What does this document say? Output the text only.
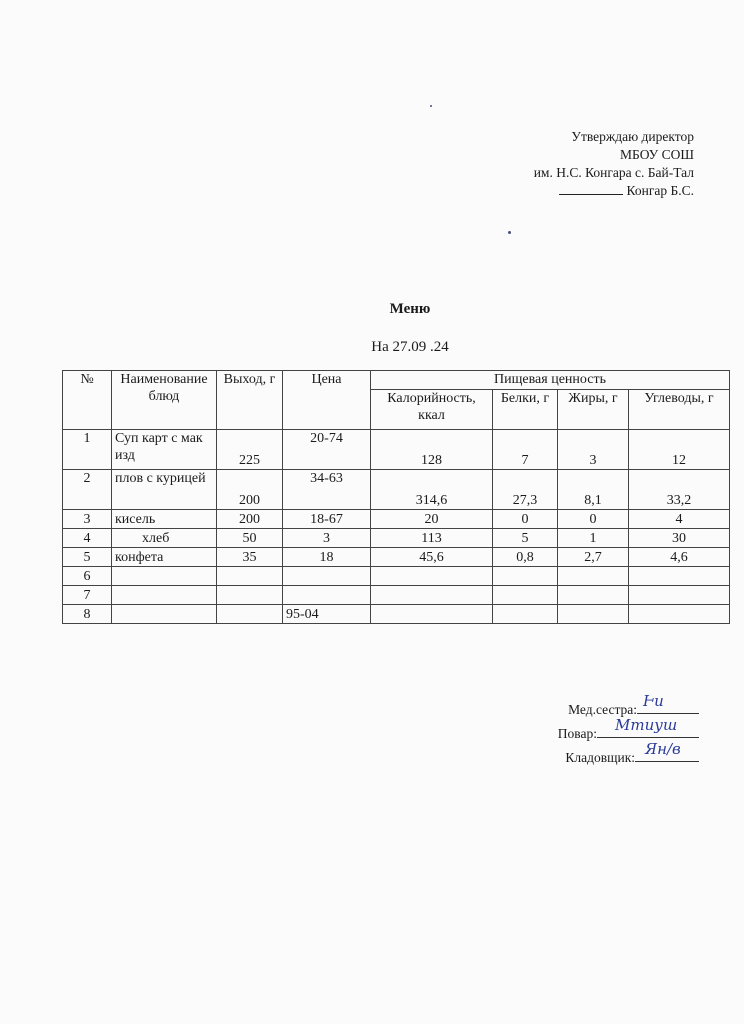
Утверждаю директор
МБОУ СОШ
им. Н.С. Конгара с. Бай-Тал
Конгар Б.С.
Меню
На 27.09 .24
№	Наименование блюд	Выход, г	Цена	Пищевая ценность			
				Калорийность, ккал	Белки, г	Жиры, г	Углеводы, г
1	Суп карт с мак изд	225	20-74	128	7	3	12
2	плов с курицей	200	34-63	314,6	27,3	8,1	33,2
3	кисель	200	18-67	20	0	0	4
4	хлеб	50	3	113	5	1	30
5	конфета	35	18	45,6	0,8	2,7	4,6
6							
7							
8			95-04				
Мед.сестра: Ͱи
Повар: Мmиуш
Кладовщик: Ян/в
